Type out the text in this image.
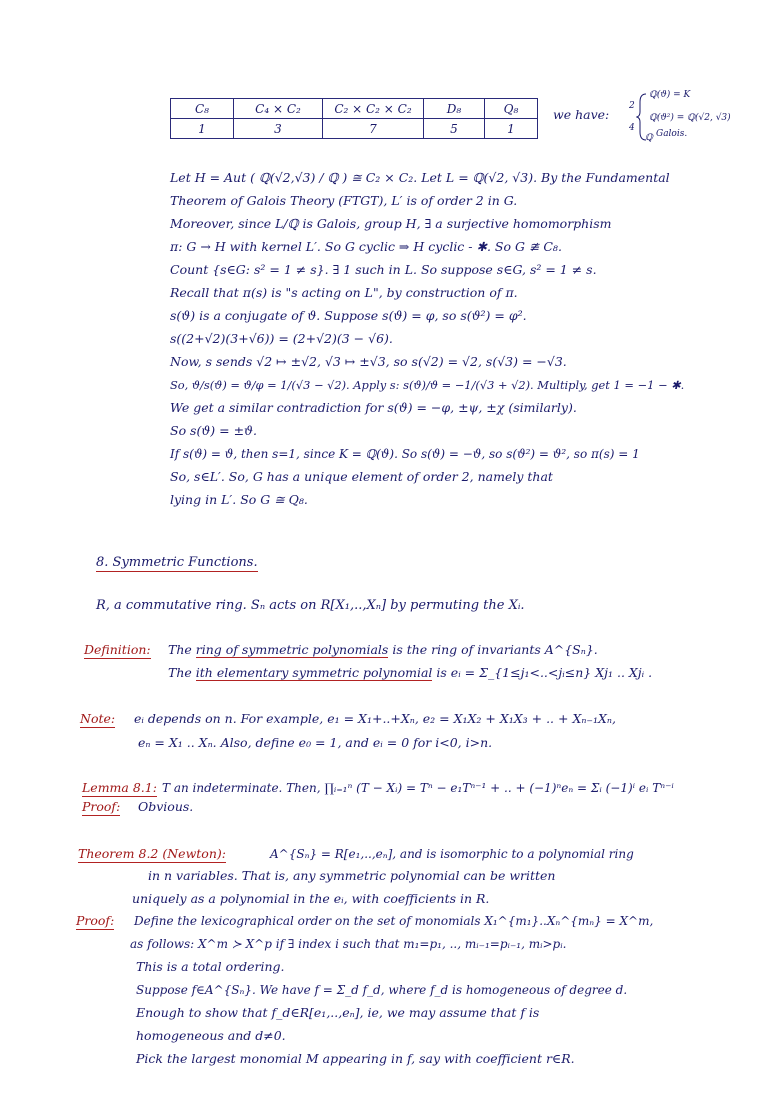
C₈	C₄ × C₂	C₂ × C₂ × C₂	D₈	Q₈
1	3	7	5	1
we have:
ℚ(ϑ) = K
ℚ(ϑ²) = ℚ(√2, √3)
ℚ
2
4
Galois.
Let H = Aut ( ℚ(√2,√3) / ℚ ) ≅ C₂ × C₂. Let L = ℚ(√2, √3). By the Fundamental
Theorem of Galois Theory (FTGT), L′ is of order 2 in G.
Moreover, since L/ℚ is Galois, group H, ∃ a surjective homomorphism
π: G → H with kernel L′. So G cyclic ⇒ H cyclic - ✱. So G ≇ C₈.
Count {s∈G: s² = 1 ≠ s}. ∃ 1 such in L. So suppose s∈G, s² = 1 ≠ s.
Recall that π(s) is "s acting on L", by construction of π.
s(ϑ) is a conjugate of ϑ. Suppose s(ϑ) = φ, so s(ϑ²) = φ².
s((2+√2)(3+√6)) = (2+√2)(3 − √6).
Now, s sends √2 ↦ ±√2, √3 ↦ ±√3, so s(√2) = √2, s(√3) = −√3.
So, ϑ/s(ϑ) = ϑ/φ = 1/(√3 − √2). Apply s: s(ϑ)/ϑ = −1/(√3 + √2). Multiply, get 1 = −1 − ✱.
We get a similar contradiction for s(ϑ) = −φ, ±ψ, ±χ (similarly).
So s(ϑ) = ±ϑ.
If s(ϑ) = ϑ, then s=1, since K = ℚ(ϑ). So s(ϑ) = −ϑ, so s(ϑ²) = ϑ², so π(s) = 1
So, s∈L′. So, G has a unique element of order 2, namely that
lying in L′. So G ≅ Q₈.
8. Symmetric Functions.
R, a commutative ring. Sₙ acts on R[X₁,..,Xₙ] by permuting the Xᵢ.
Definition: The ring of symmetric polynomials is the ring of invariants A^{Sₙ}.
The ith elementary symmetric polynomial is eᵢ = Σ_{1≤j₁<..<jᵢ≤n} Xj₁ .. Xjᵢ .
Note: eᵢ depends on n. For example, e₁ = X₁+..+Xₙ, e₂ = X₁X₂ + X₁X₃ + .. + Xₙ₋₁Xₙ,
eₙ = X₁ .. Xₙ. Also, define e₀ = 1, and eᵢ = 0 for i<0, i>n.
Lemma 8.1: T an indeterminate. Then, ∏ᵢ₌₁ⁿ (T − Xᵢ) = Tⁿ − e₁Tⁿ⁻¹ + .. + (−1)ⁿeₙ = Σᵢ (−1)ⁱ eᵢ Tⁿ⁻ⁱ
Proof: Obvious.
Theorem 8.2 (Newton):	A^{Sₙ} = R[e₁,..,eₙ], and is isomorphic to a polynomial ring
in n variables. That is, any symmetric polynomial can be written
uniquely as a polynomial in the eᵢ, with coefficients in R.
Proof: Define the lexicographical order on the set of monomials X₁^{m₁}..Xₙ^{mₙ} = X^m,
as follows: X^m ≻ X^p if ∃ index i such that m₁=p₁, .., mᵢ₋₁=pᵢ₋₁, mᵢ>pᵢ.
This is a total ordering.
Suppose f∈A^{Sₙ}. We have f = Σ_d f_d, where f_d is homogeneous of degree d.
Enough to show that f_d∈R[e₁,..,eₙ], ie, we may assume that f is
homogeneous and d≠0.
Pick the largest monomial M appearing in f, say with coefficient r∈R.
